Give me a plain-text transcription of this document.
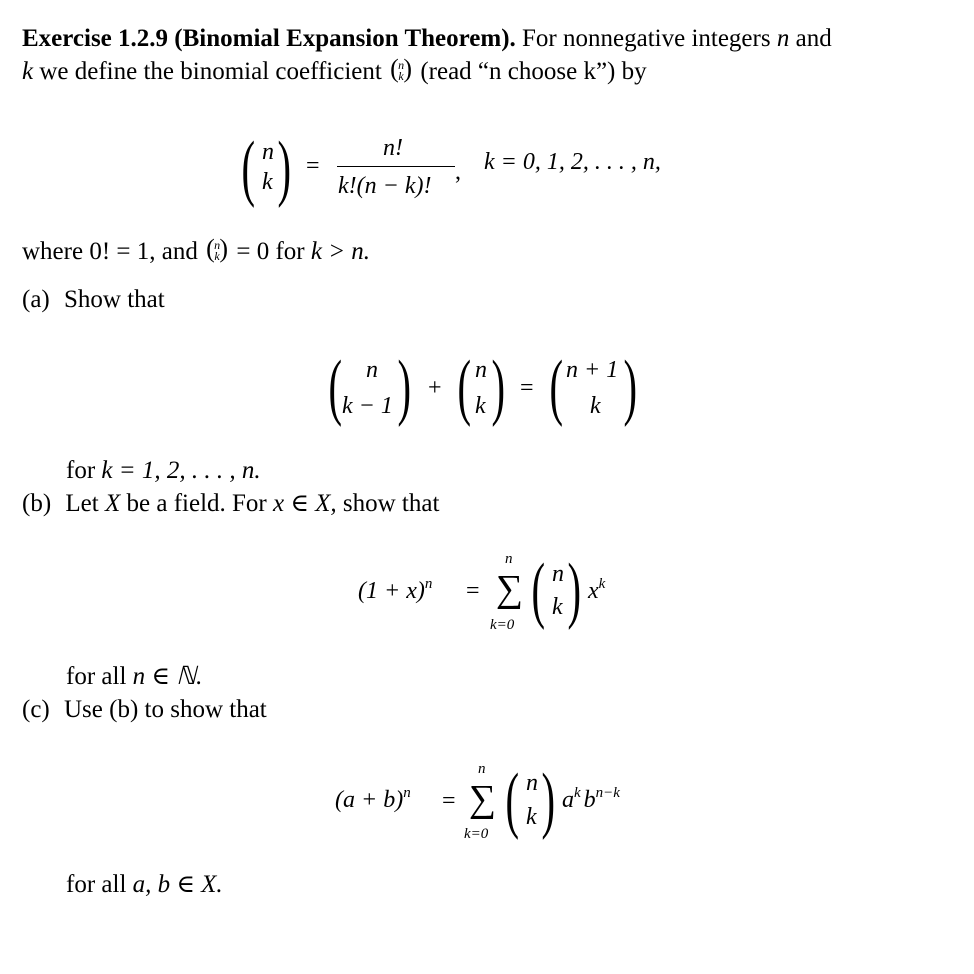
Exercise 1.2.9 (Binomial Expansion Theorem). For nonnegative integers n and
k we define the binomial coefficient ( n
k ) (read “n choose k”) by
( n
k ) =
n!
k!(n − k)!
, k = 0, 1, 2, . . . , n,
where 0! = 1, and ( n
k ) = 0 for k > n.
(a) Show that
( n
k − 1 ) + ( n
k ) = ( n + 1
k )
for k = 1, 2, . . . , n.
(b) Let X be a field. For x ∈ X, show that
$(1 + x)^n$ =
n
∑
k=0 ( n
k ) $x^k$
for all n ∈ ℕ.
(c) Use (b) to show that
$(a + b)^n$ =
n
∑
k=0 ( n
k ) $a^k$ $b^{n-k}$
for all a, b ∈ X.
